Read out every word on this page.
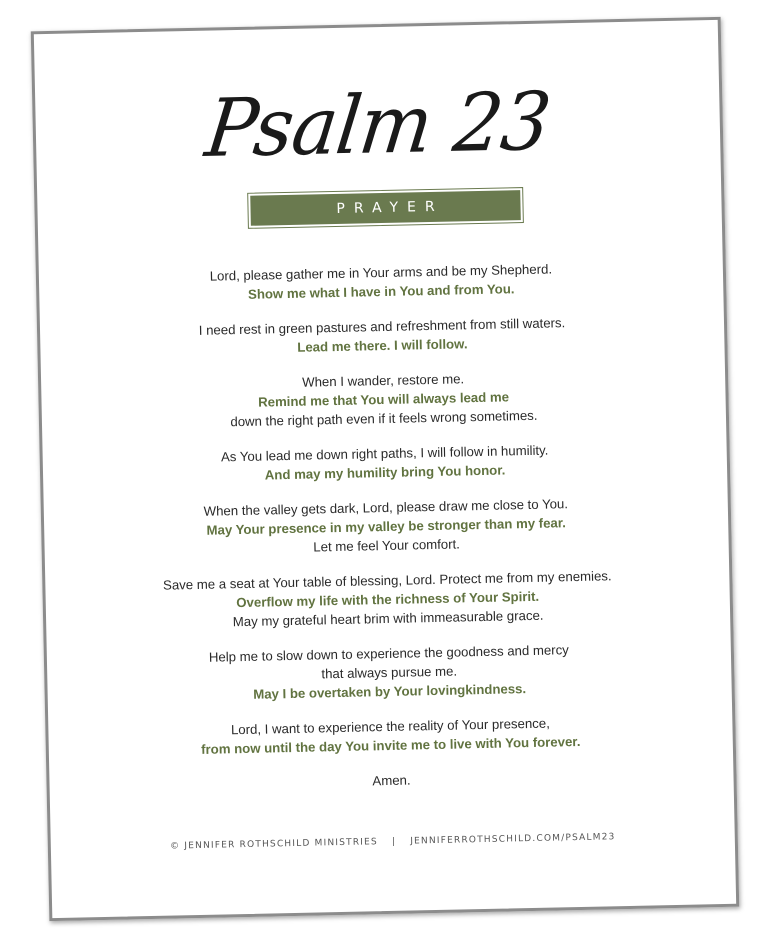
Psalm 23
PRAYER
Lord, please gather me in Your arms and be my Shepherd.
Show me what I have in You and from You.
I need rest in green pastures and refreshment from still waters.
Lead me there. I will follow.
When I wander, restore me.
Remind me that You will always lead me
down the right path even if it feels wrong sometimes.
As You lead me down right paths, I will follow in humility.
And may my humility bring You honor.
When the valley gets dark, Lord, please draw me close to You.
May Your presence in my valley be stronger than my fear.
Let me feel Your comfort.
Save me a seat at Your table of blessing, Lord. Protect me from my enemies.
Overflow my life with the richness of Your Spirit.
May my grateful heart brim with immeasurable grace.
Help me to slow down to experience the goodness and mercy
that always pursue me.
May I be overtaken by Your lovingkindness.
Lord, I want to experience the reality of Your presence,
from now until the day You invite me to live with You forever.
Amen.
© JENNIFER ROTHSCHILD MINISTRIES | JENNIFERROTHSCHILD.COM/PSALM23
